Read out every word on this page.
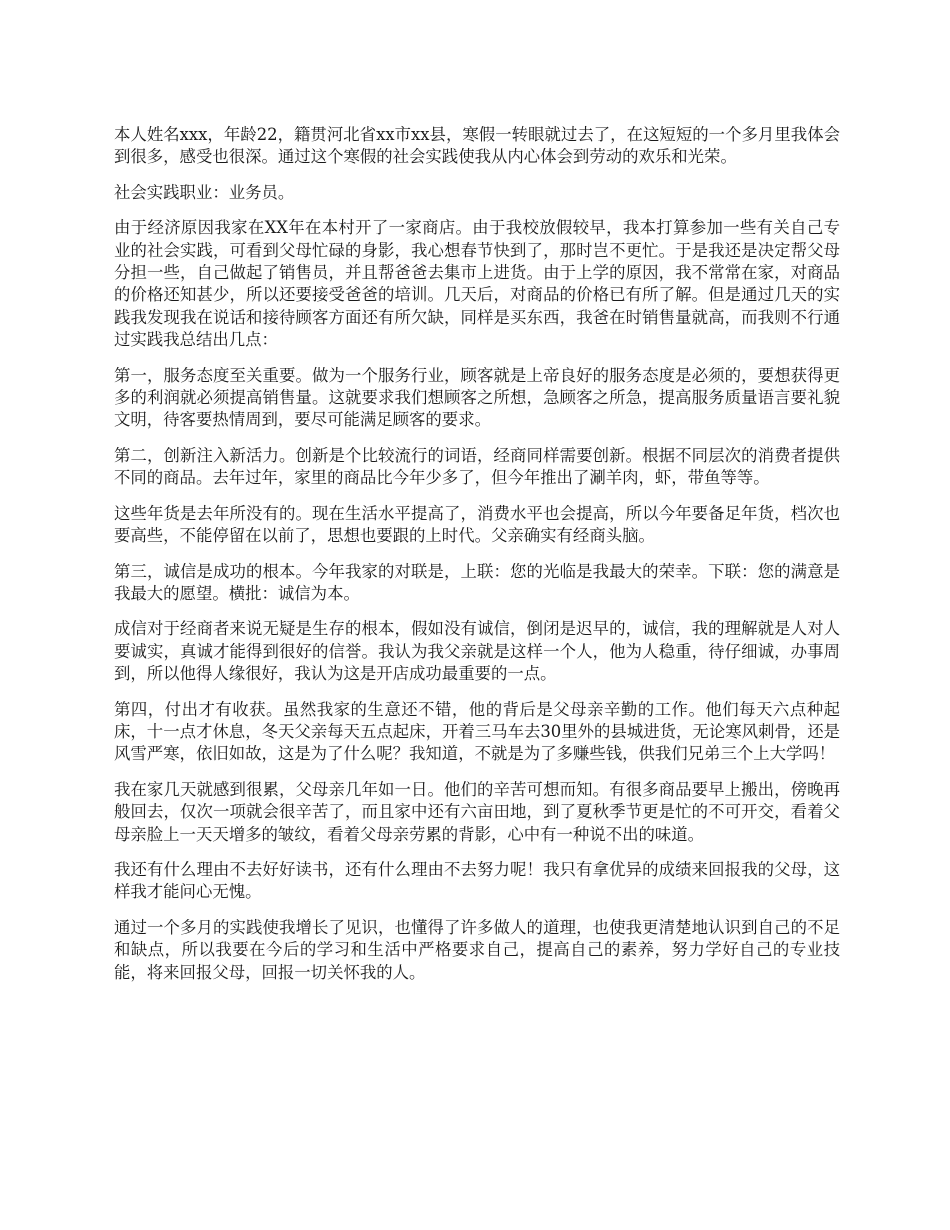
本人姓名xxx，年龄22，籍贯河北省xx市xx县，寒假一转眼就过去了，在这短短的一个多月里我体会到很多，感受也很深。通过这个寒假的社会实践使我从内心体会到劳动的欢乐和光荣。

社会实践职业：业务员。

由于经济原因我家在XX年在本村开了一家商店。由于我校放假较早，我本打算参加一些有关自己专业的社会实践，可看到父母忙碌的身影，我心想春节快到了，那时岂不更忙。于是我还是决定帮父母分担一些，自己做起了销售员，并且帮爸爸去集市上进货。由于上学的原因，我不常常在家，对商品的价格还知甚少，所以还要接受爸爸的培训。几天后，对商品的价格已有所了解。但是通过几天的实践我发现我在说话和接待顾客方面还有所欠缺，同样是买东西，我爸在时销售量就高，而我则不行通过实践我总结出几点：

第一，服务态度至关重要。做为一个服务行业，顾客就是上帝良好的服务态度是必须的，要想获得更多的利润就必须提高销售量。这就要求我们想顾客之所想，急顾客之所急，提高服务质量语言要礼貌文明，待客要热情周到，要尽可能满足顾客的要求。

第二，创新注入新活力。创新是个比较流行的词语，经商同样需要创新。根据不同层次的消费者提供不同的商品。去年过年，家里的商品比今年少多了，但今年推出了涮羊肉，虾，带鱼等等。

这些年货是去年所没有的。现在生活水平提高了，消费水平也会提高，所以今年要备足年货，档次也要高些，不能停留在以前了，思想也要跟的上时代。父亲确实有经商头脑。

第三，诚信是成功的根本。今年我家的对联是，上联：您的光临是我最大的荣幸。下联：您的满意是我最大的愿望。横批：诚信为本。

成信对于经商者来说无疑是生存的根本，假如没有诚信，倒闭是迟早的，诚信，我的理解就是人对人要诚实，真诚才能得到很好的信誉。我认为我父亲就是这样一个人，他为人稳重，待仔细诚，办事周到，所以他得人缘很好，我认为这是开店成功最重要的一点。

第四，付出才有收获。虽然我家的生意还不错，他的背后是父母亲辛勤的工作。他们每天六点种起床，十一点才休息，冬天父亲每天五点起床，开着三马车去30里外的县城进货，无论寒风刺骨，还是风雪严寒，依旧如故，这是为了什么呢？我知道，不就是为了多赚些钱，供我们兄弟三个上大学吗！

我在家几天就感到很累，父母亲几年如一日。他们的辛苦可想而知。有很多商品要早上搬出，傍晚再般回去，仅次一项就会很辛苦了，而且家中还有六亩田地，到了夏秋季节更是忙的不可开交，看着父母亲脸上一天天增多的皱纹，看着父母亲劳累的背影，心中有一种说不出的味道。

我还有什么理由不去好好读书，还有什么理由不去努力呢！我只有拿优异的成绩来回报我的父母，这样我才能问心无愧。

通过一个多月的实践使我增长了见识，也懂得了许多做人的道理，也使我更清楚地认识到自己的不足和缺点，所以我要在今后的学习和生活中严格要求自己，提高自己的素养，努力学好自己的专业技能，将来回报父母，回报一切关怀我的人。
